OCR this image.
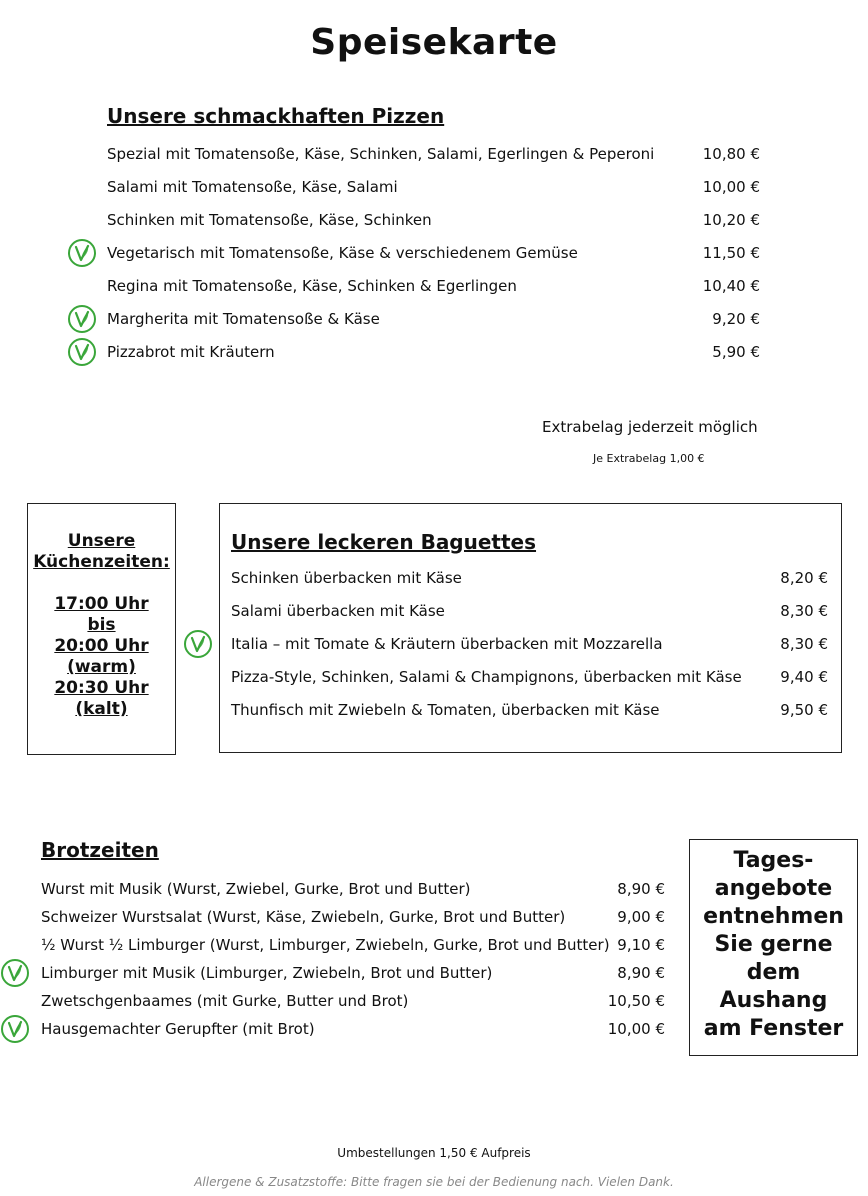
Speisekarte
Unsere schmackhaften Pizzen
Spezial mit Tomatensoße, Käse, Schinken, Salami, Egerlingen & Peperoni	10,80 €
Salami mit Tomatensoße, Käse, Salami	10,00 €
Schinken mit Tomatensoße, Käse, Schinken	10,20 €
Vegetarisch mit Tomatensoße, Käse & verschiedenem Gemüse	11,50 €
Regina mit Tomatensoße, Käse, Schinken & Egerlingen	10,40 €
Margherita mit Tomatensoße & Käse	9,20 €
Pizzabrot mit Kräutern	5,90 €
Extrabelag jederzeit möglich
Je Extrabelag 1,00 €
Unsere
Küchenzeiten:
17:00 Uhr
bis
20:00 Uhr
(warm)
20:30 Uhr
(kalt)
Unsere leckeren Baguettes
Schinken überbacken mit Käse	8,20 €
Salami überbacken mit Käse	8,30 €
Italia – mit Tomate & Kräutern überbacken mit Mozzarella	8,30 €
Pizza-Style, Schinken, Salami & Champignons, überbacken mit Käse	9,40 €
Thunfisch mit Zwiebeln & Tomaten, überbacken mit Käse	9,50 €
Brotzeiten
Wurst mit Musik (Wurst, Zwiebel, Gurke, Brot und Butter)	8,90 €
Schweizer Wurstsalat (Wurst, Käse, Zwiebeln, Gurke, Brot und Butter)	9,00 €
½ Wurst ½ Limburger (Wurst, Limburger, Zwiebeln, Gurke, Brot und Butter) 9,10 €
Limburger mit Musik (Limburger, Zwiebeln, Brot und Butter)	8,90 €
Zwetschgenbaames (mit Gurke, Butter und Brot)	10,50 €
Hausgemachter Gerupfter (mit Brot)	10,00 €
Tages-
angebote
entnehmen
Sie gerne
dem
Aushang
am Fenster
Umbestellungen 1,50 € Aufpreis
Allergene & Zusatzstoffe: Bitte fragen sie bei der Bedienung nach. Vielen Dank.
